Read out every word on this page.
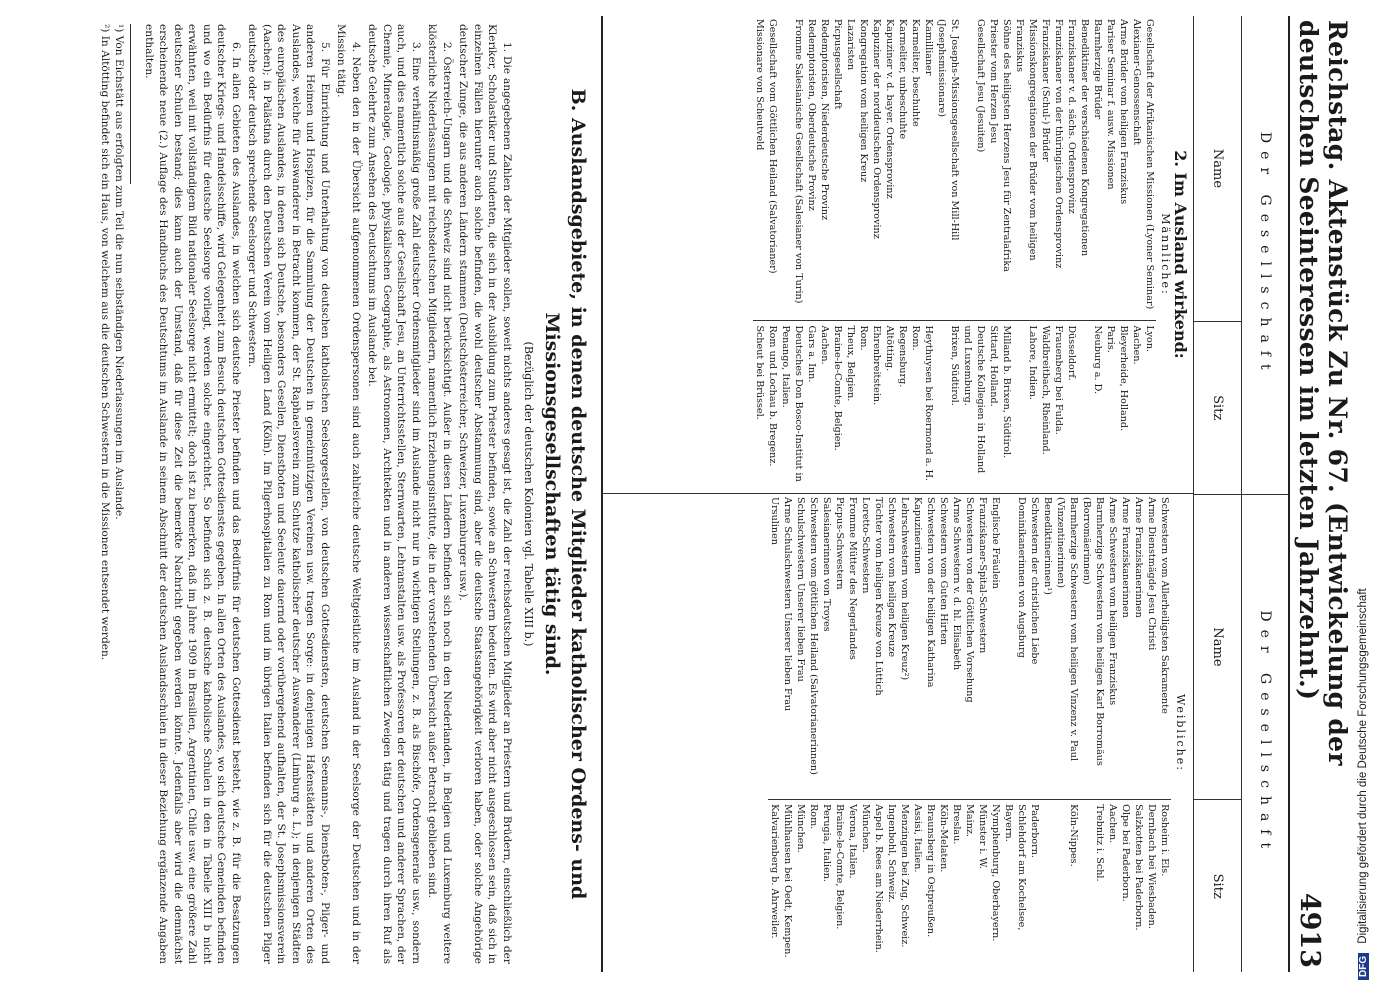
Reichstag. Aktenstück Zu Nr. 67. (Entwickelung der deutschen Seeinteressen im letzten Jahrzehnt.)
4913
Der Gesellschaft
Name
Sitz
Der Gesellschaft
Name
Sitz
2. Im Ausland wirkend:
Männliche:
Gesellschaft der Afrikanischen Missionen (Lyoner Seminar)
Lyon.
Alexianer-Genossenschaft
Aachen.
Arme Brüder vom heiligen Franziskus
Bleyerheide, Holland.
Pariser Seminar f. ausw. Missionen
Paris.
Barmherzige Brüder
Neuburg a. D.
Benediktiner der verschiedenen Kongregationen
Franziskaner v. d. sächs. Ordensprovinz
Düsseldorf.
Franziskaner von der thüringischen Ordensprovinz
Frauenberg bei Fulda.
Franziskaner (Schul-) Brüder
Waldbreitbach, Rheinland.
Missionskongregationen der Brüder vom heiligen Franziskus
Lahore, Indien.
Söhne des heiligsten Herzens Jesu für Zentralafrika
Milland b. Brixen, Südtirol.
Priester vom Herzen Jesu
Sittard, Holland.
Gesellschaft Jesu (Jesuiten)
Deutsche Kollegien in Holland und Luxemburg.
St. Josephs-Missionsgesellschaft von Mill-Hill (Josephsmissionare)
Brixen, Südtirol.
Kamillianer
Heythuysen bei Roermond a. H.
Karmeliter, beschuhte
Rom.
Karmeliter, unbeschuhte
Regensburg.
Kapuziner v. d. bayer. Ordensprovinz
Altötting.
Kapuziner der norddeutschen Ordensprovinz
Ehrenbreitstein.
Kongregation vom heiligen Kreuz
Rom.
Lazaristen
Theux, Belgien.
Picpusgesellschaft
Braine-le-Comte, Belgien.
Redemptoristen, Niederdeutsche Provinz
Aachen.
Redemptoristen, Oberdeutsche Provinz
Gars a. Inn.
Fromme Salesianische Gesellschaft (Salesianer von Turin)
Deutsches Don Bosco-Institut in Penango, Italien.
Gesellschaft vom Göttlichen Heiland (Salvatorianer)
Rom und Lochau b. Bregenz.
Missionare von Scheutveld
Scheut bei Brüssel.
Weibliche:
Schwestern vom Allerheiligsten Sakramente
Rosheim i. Els.
Arme Dienstmägde Jesu Christi
Dernbach bei Wiesbaden.
Arme Franziskanerinnen
Salzkotten bei Paderborn.
Arme Franziskanerinnen
Olpe bei Paderborn.
Arme Schwestern vom heiligen Franziskus
Aachen.
Barmherzige Schwestern vom heiligen Karl Borromäus (Borromäerinnen)
Trebnitz i. Schl.
Barmherzige Schwestern vom heiligen Vinzenz v. Paul (Vinzentinerinnen)
Köln-Nippes.
Benediktinerinnen¹)
Schwestern der christlichen Liebe
Paderborn.
Dominikanerinnen von Augsburg
Schlehdorf am Kochelsee, Bayern.
Englische Fräulein
Nymphenburg, Oberbayern.
Franziskaner-Spital-Schwestern
Münster i. W.
Schwestern von der Göttlichen Vorsehung
Mainz.
Arme Schwestern v. d. hl. Elisabeth
Breslau.
Schwestern vom Guten Hirten
Köln-Melaten.
Schwestern von der heiligen Katharina
Braunsberg in Ostpreußen.
Kapuzinerinnen
Assisi, Italien.
Lehrschwestern vom heiligen Kreuz²)
Menzingen bei Zug, Schweiz.
Schwestern vom heiligen Kreuze
Ingenbohl, Schweiz.
Töchter vom heiligen Kreuze von Lüttich
Aspel b. Rees am Niederrhein.
Loretto-Schwestern
München.
Fromme Mütter des Negerlandes
Verona, Italien.
Picpus-Schwestern
Braine-le-Comte, Belgien.
Salesianerinnen von Troyes
Perugia, Italien.
Schwestern vom göttlichen Heiland (Salvatorianerinnen)
Rom.
Schulschwestern Unserer lieben Frau
München.
Arme Schulschwestern Unserer lieben Frau
Mühlhausen bei Oedt, Kempen.
Ursulinen
Kalvarienberg b. Ahrweiler.
B. Auslandsgebiete, in denen deutsche Mitglieder katholischer Ordens- und Missionsgesellschaften tätig sind.
(Bezüglich der deutschen Kolonien vgl. Tabelle XIII b.)

1. Die angegebenen Zahlen der Mitglieder sollen, soweit nichts anderes gesagt ist, die Zahl der reichsdeutschen Mitglieder an Priestern und Brüdern, einschließlich der Kleriker, Scholastiker und Studenten, die sich in der Ausbildung zum Priester befinden, sowie an Schwestern bedeuten. Es wird aber nicht ausgeschlossen sein, daß sich in einzelnen Fällen hierunter auch solche befinden, die wohl deutscher Abstammung sind, aber die deutsche Staatsangehörigkeit verloren haben, oder solche Angehörige deutscher Zunge, die aus anderen Ländern stammen (Deutschösterreicher, Schweizer, Luxemburger usw.).

2. Österreich-Ungarn und die Schweiz sind nicht berücksichtigt. Außer in diesen Ländern befinden sich noch in den Niederlanden, in Belgien und Luxemburg weitere klösterliche Niederlassungen mit reichsdeutschen Mitgliedern, namentlich Erziehungsinstitute, die in der vorstehenden Übersicht außer Betracht geblieben sind.

3. Eine verhältnismäßig große Zahl deutscher Ordensmitglieder sind im Auslande nicht nur in wichtigen Stellungen, z. B. als Bischöfe, Ordensgenerale usw., sondern auch, und dies namentlich solche aus der Gesellschaft Jesu, an Unterrichtsstellen, Sternwarten, Lehranstalten usw. als Professoren der deutschen und anderer Sprachen, der Chemie, Mineralogie, Geologie, physikalischen Geographie, als Astronomen, Architekten und in anderen wissenschaftlichen Zweigen tätig und tragen durch ihren Ruf als deutsche Gelehrte zum Ansehen des Deutschtums im Auslande bei.

4. Neben den in der Übersicht aufgenommenen Ordenspersonen sind auch zahlreiche deutsche Weltgeistliche im Ausland in der Seelsorge der Deutschen und in der Mission tätig.

5. Für Einrichtung und Unterhaltung von deutschen katholischen Seelsorgestellen, von deutschen Gottesdiensten, deutschen Seemanns-, Dienstboten-, Pilger- und anderen Heimen und Hospizen, für die Sammlung der Deutschen in gemeinnützigen Vereinen usw. tragen Sorge: in denjenigen Hafenstädten und anderen Orten des Auslandes, welche für Auswanderer in Betracht kommen, der St. Raphaelsverein zum Schutze katholischer deutscher Auswanderer (Limburg a. L.); in denjenigen Städten des europäischen Auslandes, in denen sich Deutsche, besonders Gesellen, Dienstboten und Seeleute dauernd oder vorübergehend aufhalten, der St. Josephsmissionsverein (Aachen); in Palästina durch den Deutschen Verein vom Heiligen Land (Köln). Im Pilgerhospitalien zu Rom und im übrigen Italien befinden sich für die deutschen Pilger deutsche oder deutsch sprechende Seelsorger und Schwestern.

6. In allen Gebieten des Auslandes, in welchen sich deutsche Priester befinden und das Bedürfnis für deutschen Gottesdienst besteht, wie z. B. für die Besatzungen deutscher Kriegs- und Handelsschiffe, wird Gelegenheit zum Besuch deutschen Gottesdienstes gegeben. In allen Orten des Auslandes, wo sich deutsche Gemeinden befinden und wo ein Bedürfnis für deutsche Seelsorge vorliegt, werden solche eingerichtet. So befinden sich z. B. deutsche katholische Schulen in den in Tabelle XIII b nicht erwähnten, weil mit vollständigem Bild nationaler Seelsorge nicht ermittelt; doch ist zu bemerken, daß im Jahre 1909 in Brasilien, Argentinien, Chile usw. eine größere Zahl deutscher Schulen bestand; dies kann auch der Umstand, daß für diese Zeit die bemerkte Nachricht gegeben werden könnte. Jedenfalls aber wird die demnächst erscheinende neue (2.) Auflage des Handbuchs des Deutschtums im Auslande in seinem Abschnitt der deutschen Auslandsschulen in dieser Beziehung ergänzende Angaben enthalten.

¹) Von Eichstätt aus erfolgten zum Teil die nun selbständigen Niederlassungen im Auslande.
²) In Altötting befindet sich ein Haus, von welchem aus die deutschen Schwestern in die Missionen entsendet werden.
DFG Digitalisierung gefördert durch die Deutsche Forschungsgemeinschaft
